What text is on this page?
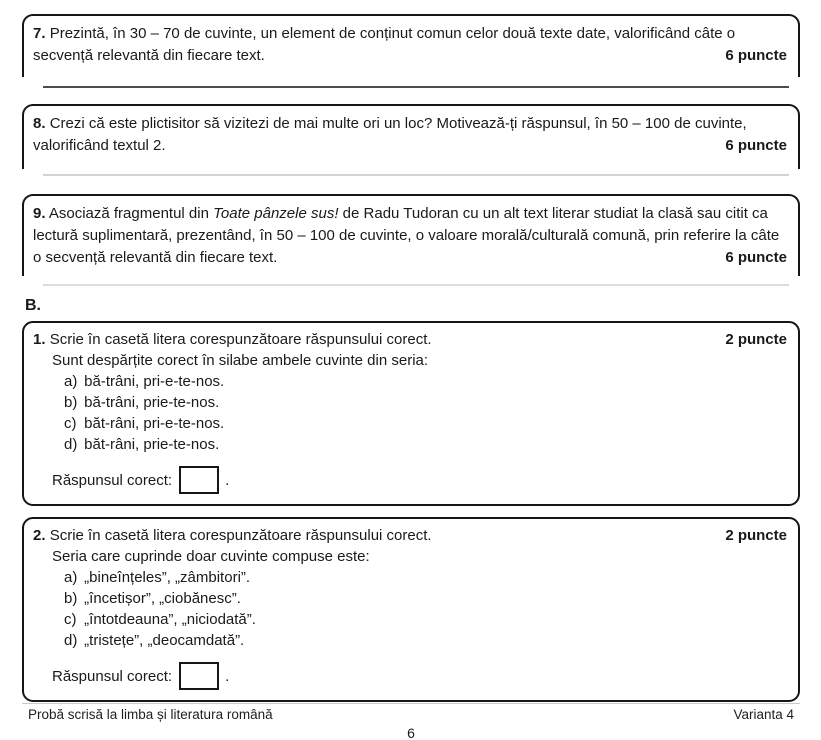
7. Prezintă, în 30 – 70 de cuvinte, un element de conținut comun celor două texte date, valorificând câte o secvență relevantă din fiecare text.	6 puncte

8. Crezi că este plictisitor să vizitezi de mai multe ori un loc? Motivează-ți răspunsul, în 50 – 100 de cuvinte, valorificând textul 2.	6 puncte

9. Asociază fragmentul din Toate pânzele sus! de Radu Tudoran cu un alt text literar studiat la clasă sau citit ca lectură suplimentară, prezentând, în 50 – 100 de cuvinte, o valoare morală/culturală comună, prin referire la câte o secvență relevantă din fiecare text.	6 puncte

B.
1. Scrie în casetă litera corespunzătoare răspunsului corect.	2 puncte
Sunt despărțite corect în silabe ambele cuvinte din seria:
a) bă-trâni, pri-e-te-nos.
b) bă-trâni, prie-te-nos.
c) băt-râni, pri-e-te-nos.
d) băt-râni, prie-te-nos.
Răspunsul corect:	.
2. Scrie în casetă litera corespunzătoare răspunsului corect.	2 puncte
Seria care cuprinde doar cuvinte compuse este:
a) „bineînțeles”, „zâmbitori”.
b) „încetișor”, „ciobănesc”.
c) „întotdeauna”, „niciodată”.
d) „tristețe”, „deocamdată”.
Răspunsul corect:	.
Probă scrisă la limba și literatura română	Varianta 4
6
